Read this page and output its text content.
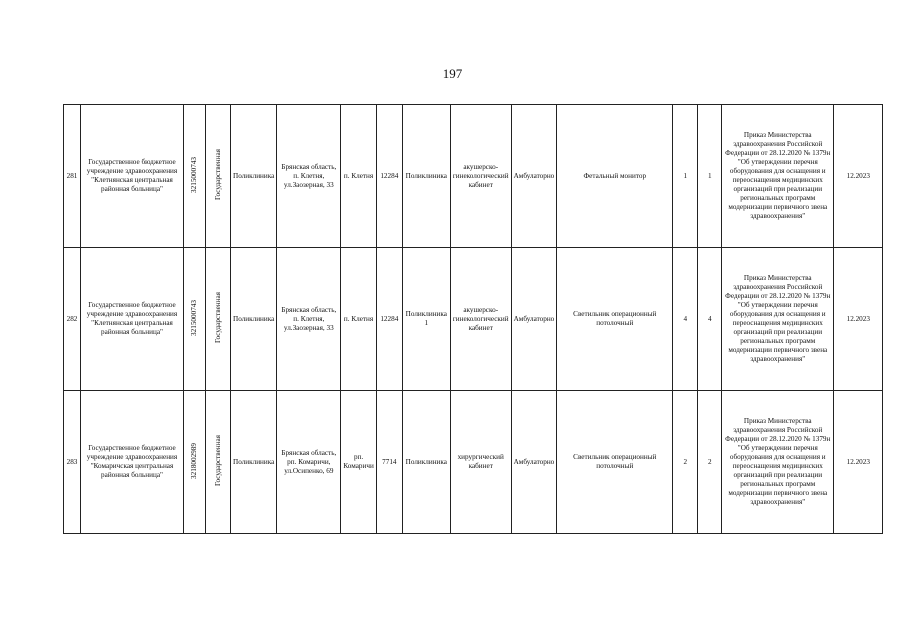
197
281	Государственное бюджетное учреждение здравоохранения "Клетнянская центральная районная больница"	3215000743	Государственная	Поликлиника	Брянская область, п. Клетня, ул.Заозерная, 33	п. Клетня	12284	Поликлиника	акушерско-гинекологический кабинет	Амбулаторно	Фетальный монитор	1	1	Приказ Министерства здравоохранения Российской Федерации от 28.12.2020 № 1379н "Об утверждении перечня оборудования для оснащения и переоснащения медицинских организаций при реализации региональных программ модернизации первичного звена здравоохранения"	12.2023
282	Государственное бюджетное учреждение здравоохранения "Клетнянская центральная районная больница"	3215000743	Государственная	Поликлиника	Брянская область, п. Клетня, ул.Заозерная, 33	п. Клетня	12284	Поликлиника 1	акушерско-гинекологический кабинет	Амбулаторно	Светильник операционный потолочный	4	4	Приказ Министерства здравоохранения Российской Федерации от 28.12.2020 № 1379н "Об утверждении перечня оборудования для оснащения и переоснащения медицинских организаций при реализации региональных программ модернизации первичного звена здравоохранения"	12.2023
283	Государственное бюджетное учреждение здравоохранения "Комаричская центральная районная больница"	3218002989	Государственная	Поликлиника	Брянская область, рп. Комаричи, ул.Осипенко, 69	рп. Комаричи	7714	Поликлиника	хирургический кабинет	Амбулаторно	Светильник операционный потолочный	2	2	Приказ Министерства здравоохранения Российской Федерации от 28.12.2020 № 1379н "Об утверждении перечня оборудования для оснащения и переоснащения медицинских организаций при реализации региональных программ модернизации первичного звена здравоохранения"	12.2023
